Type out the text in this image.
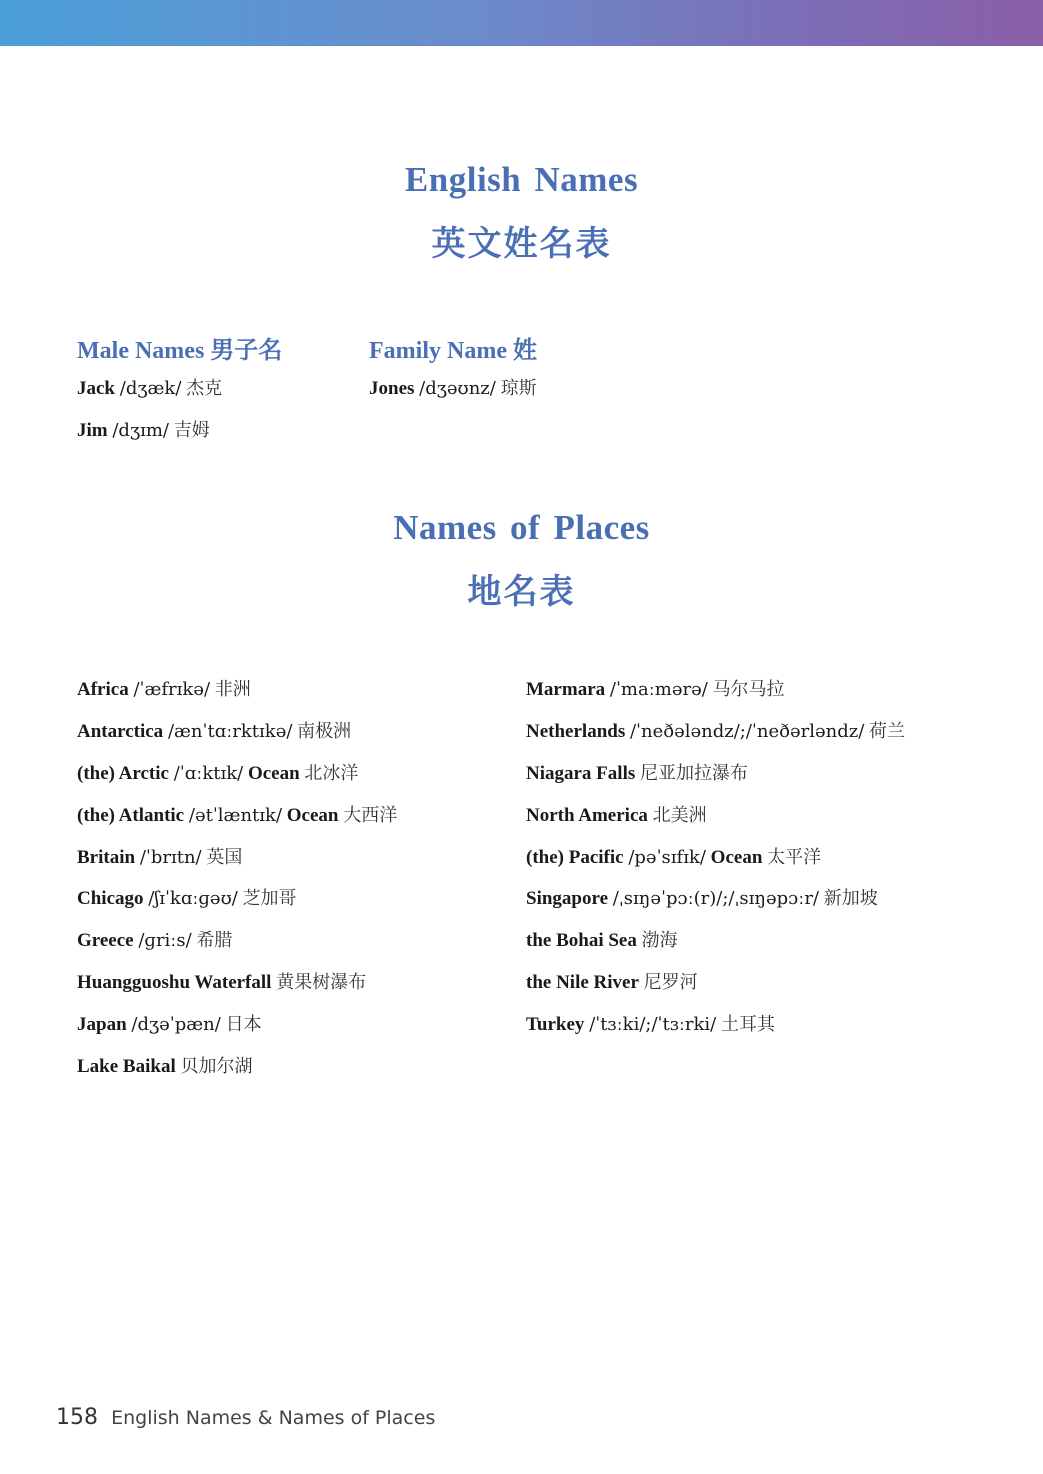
English Names
英文姓名表
Male Names 男子名	Family Name 姓
Jack /dʒæk/ 杰克
Jim /dʒɪm/ 吉姆
Jones /dʒəʊnz/ 琼斯
Names of Places
地名表
Africa /ˈæfrɪkə/ 非洲
Antarctica /ænˈtɑːrktɪkə/ 南极洲
(the) Arctic /ˈɑːktɪk/ Ocean 北冰洋
(the) Atlantic /ətˈlæntɪk/ Ocean 大西洋
Britain /ˈbrɪtn/ 英国
Chicago /ʃɪˈkɑːɡəʊ/ 芝加哥
Greece /ɡriːs/ 希腊
Huangguoshu Waterfall 黄果树瀑布
Japan /dʒəˈpæn/ 日本
Lake Baikal 贝加尔湖
Marmara /ˈmaːmərə/ 马尔马拉
Netherlands /ˈneðələndz/;/ˈneðərləndz/ 荷兰
Niagara Falls 尼亚加拉瀑布
North America 北美洲
(the) Pacific /pəˈsɪfɪk/ Ocean 太平洋
Singapore /ˌsɪŋəˈpɔː(r)/;/ˌsɪŋəpɔːr/ 新加坡
the Bohai Sea 渤海
the Nile River 尼罗河
Turkey /ˈtɜːki/;/ˈtɜːrki/ 土耳其
158 English Names & Names of Places
